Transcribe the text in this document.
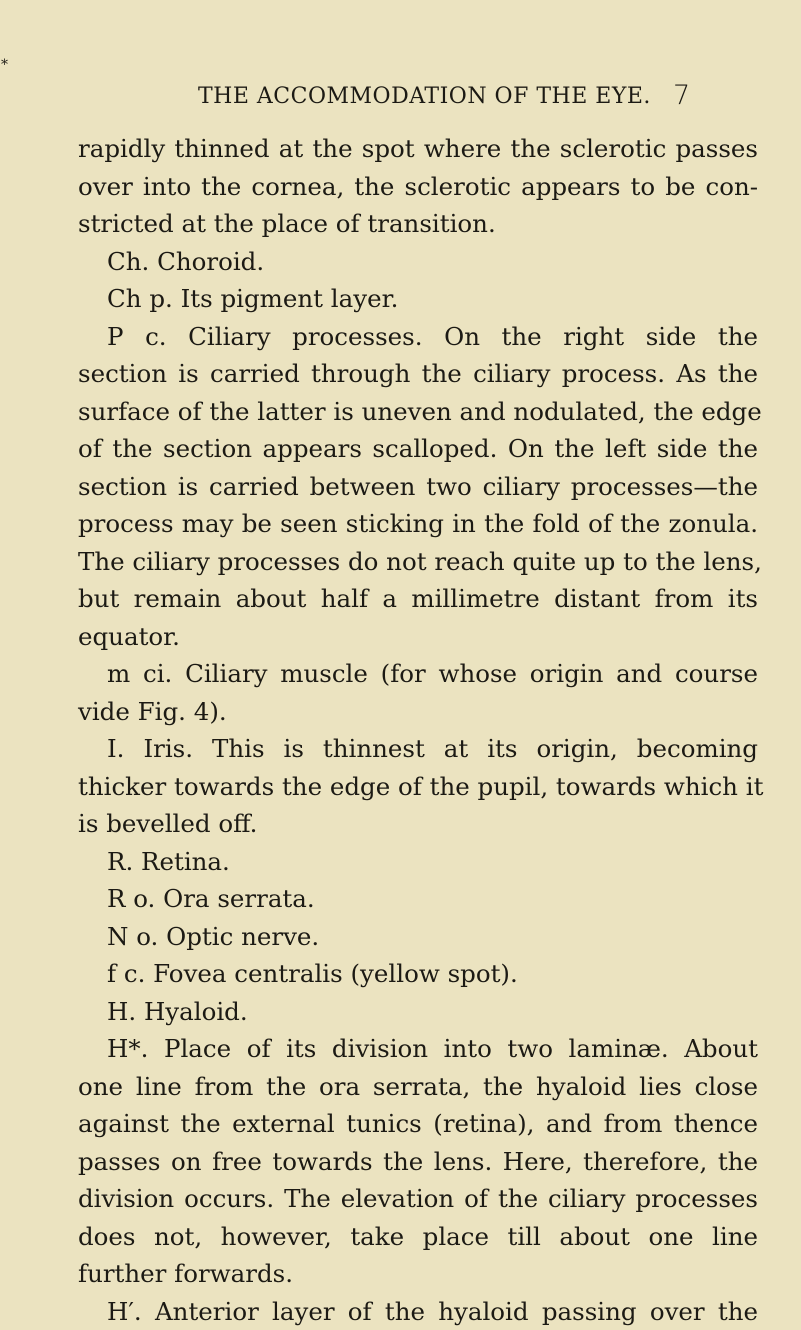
*
THE ACCOMMODATION OF THE EYE. 7
rapidly thinned at the spot where the sclerotic passes
over into the cornea, the sclerotic appears to be con-
stricted at the place of transition.
Ch. Choroid.
Ch p. Its pigment layer.
P c. Ciliary processes. On the right side the
section is carried through the ciliary process. As the
surface of the latter is uneven and nodulated, the edge
of the section appears scalloped. On the left side the
section is carried between two ciliary processes—the
process may be seen sticking in the fold of the zonula.
The ciliary processes do not reach quite up to the lens,
but remain about half a millimetre distant from its
equator.
m ci. Ciliary muscle (for whose origin and course
vide Fig. 4).
I. Iris. This is thinnest at its origin, becoming
thicker towards the edge of the pupil, towards which it
is bevelled off.
R. Retina.
R o. Ora serrata.
N o. Optic nerve.
f c. Fovea centralis (yellow spot).
H. Hyaloid.
H*. Place of its division into two laminæ. About
one line from the ora serrata, the hyaloid lies close
against the external tunics (retina), and from thence
passes on free towards the lens. Here, therefore, the
division occurs. The elevation of the ciliary processes
does not, however, take place till about one line
further forwards.
H′. Anterior layer of the hyaloid passing over the
